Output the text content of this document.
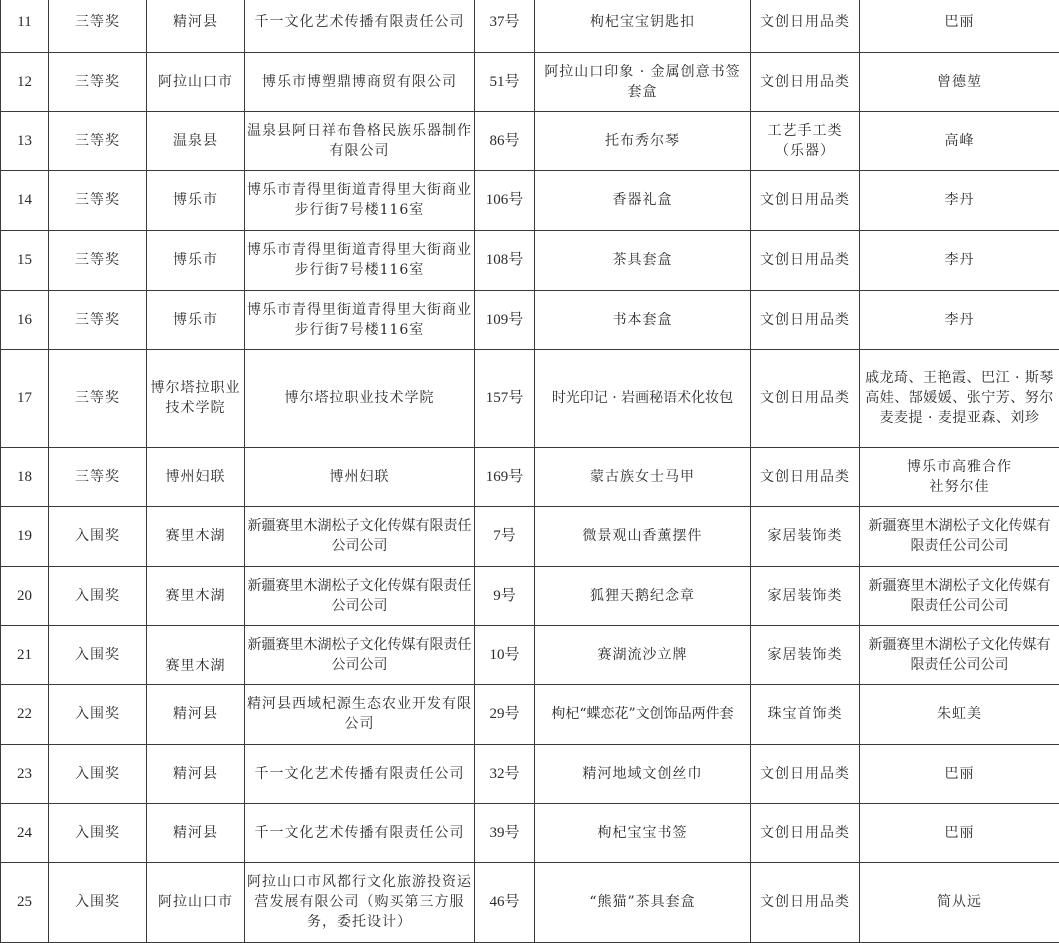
11	三等奖	精河县	千一文化艺术传播有限责任公司	37号	枸杞宝宝钥匙扣	文创日用品类	巴丽
12	三等奖	阿拉山口市	博乐市博塑鼎博商贸有限公司	51号	阿拉山口印象 · 金属创意书签套盒	文创日用品类	曾德堃
13	三等奖	温泉县	温泉县阿日祥布鲁格民族乐器制作有限公司	86号	托布秀尔琴	工艺手工类（乐器）	高峰
14	三等奖	博乐市	博乐市青得里街道青得里大街商业步行街7号楼116室	106号	香器礼盒	文创日用品类	李丹
15	三等奖	博乐市	博乐市青得里街道青得里大街商业步行街7号楼116室	108号	茶具套盒	文创日用品类	李丹
16	三等奖	博乐市	博乐市青得里街道青得里大街商业步行街7号楼116室	109号	书本套盒	文创日用品类	李丹
17	三等奖	博尔塔拉职业技术学院	博尔塔拉职业技术学院	157号	时光印记 · 岩画秘语术化妆包	文创日用品类	戚龙琦、王艳霞、巴江 · 斯琴高娃、郜媛媛、张宁芳、努尔麦麦提 · 麦提亚森、刘珍
18	三等奖	博州妇联	博州妇联	169号	蒙古族女士马甲	文创日用品类	博乐市高雅合作社努尔佳
19	入围奖	赛里木湖	新疆赛里木湖松子文化传媒有限责任公司公司	7号	微景观山香薰摆件	家居装饰类	新疆赛里木湖松子文化传媒有限责任公司公司
20	入围奖	赛里木湖	新疆赛里木湖松子文化传媒有限责任公司公司	9号	狐狸天鹅纪念章	家居装饰类	新疆赛里木湖松子文化传媒有限责任公司公司
21	入围奖	赛里木湖	新疆赛里木湖松子文化传媒有限责任公司公司	10号	赛湖流沙立牌	家居装饰类	新疆赛里木湖松子文化传媒有限责任公司公司
22	入围奖	精河县	精河县西域杞源生态农业开发有限公司	29号	枸杞“蝶恋花”文创饰品两件套	珠宝首饰类	朱虹美
23	入围奖	精河县	千一文化艺术传播有限责任公司	32号	精河地域文创丝巾	文创日用品类	巴丽
24	入围奖	精河县	千一文化艺术传播有限责任公司	39号	枸杞宝宝书签	文创日用品类	巴丽
25	入围奖	阿拉山口市	阿拉山口市风都行文化旅游投资运营发展有限公司（购买第三方服务，委托设计）	46号	“熊猫”茶具套盒	文创日用品类	简从远
